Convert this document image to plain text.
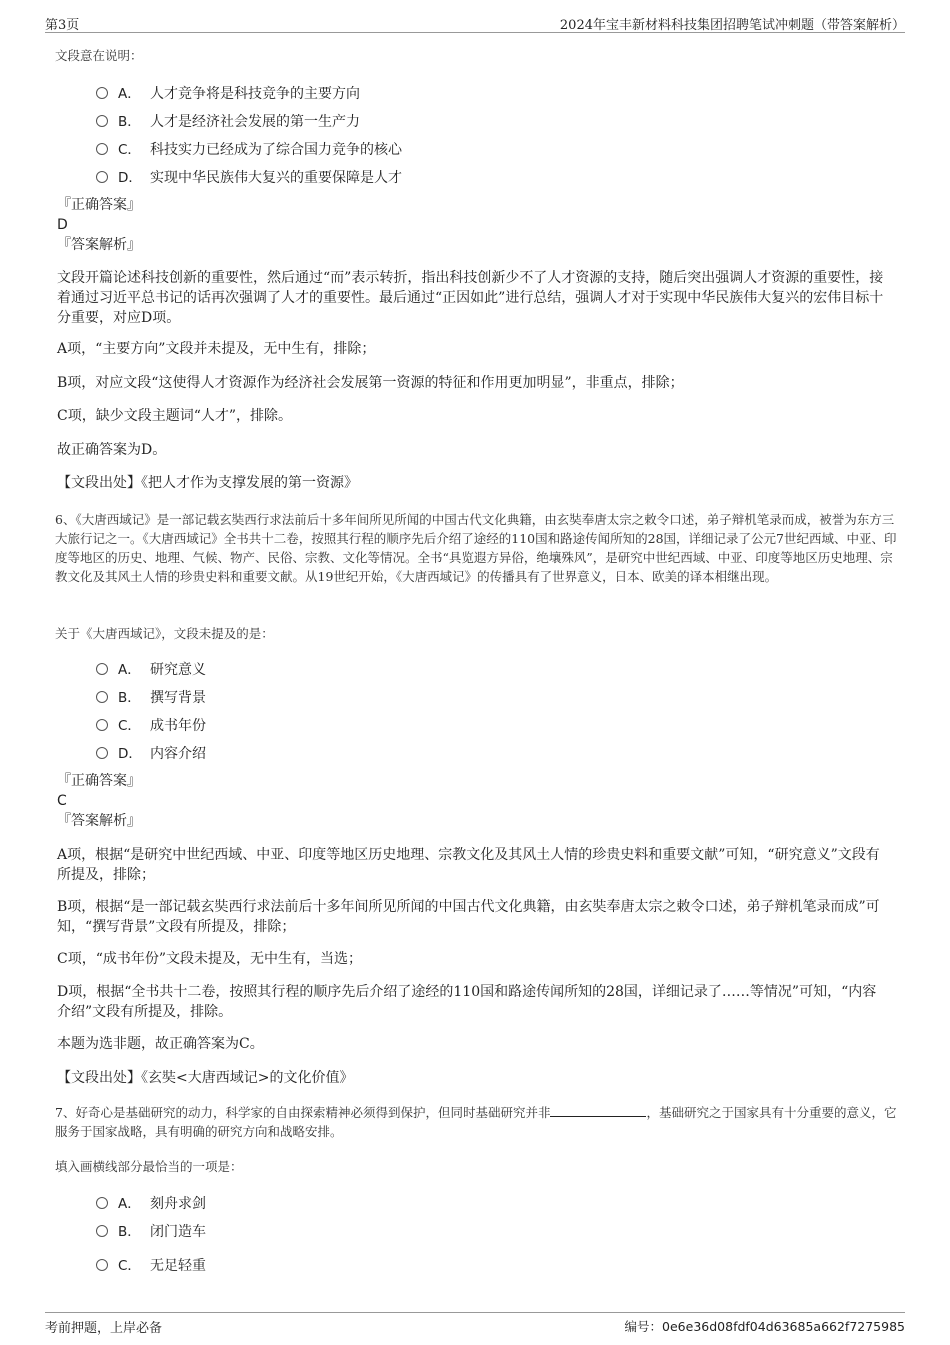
第3页	2024年宝丰新材料科技集团招聘笔试冲刺题（带答案解析）
文段意在说明：
A． 人才竞争将是科技竞争的主要方向
B． 人才是经济社会发展的第一生产力
C． 科技实力已经成为了综合国力竞争的核心
D． 实现中华民族伟大复兴的重要保障是人才
『正确答案』
D
『答案解析』
文段开篇论述科技创新的重要性，然后通过“而”表示转折，指出科技创新少不了人才资源的支持，随后突出强调人才资源的重要性，接着通过习近平总书记的话再次强调了人才的重要性。最后通过“正因如此”进行总结，强调人才对于实现中华民族伟大复兴的宏伟目标十分重要，对应D项。
A项，“主要方向”文段并未提及，无中生有，排除；
B项，对应文段“这使得人才资源作为经济社会发展第一资源的特征和作用更加明显”，非重点，排除；
C项，缺少文段主题词“人才”，排除。
故正确答案为D。
【文段出处】《把人才作为支撑发展的第一资源》
6、《大唐西域记》是一部记载玄奘西行求法前后十多年间所见所闻的中国古代文化典籍，由玄奘奉唐太宗之敕令口述，弟子辩机笔录而成，被誉为东方三大旅行记之一。《大唐西域记》全书共十二卷，按照其行程的顺序先后介绍了途经的110国和路途传闻所知的28国，详细记录了公元7世纪西域、中亚、印度等地区的历史、地理、气候、物产、民俗、宗教、文化等情况。全书“具览遐方异俗，绝壤殊风”，是研究中世纪西域、中亚、印度等地区历史地理、宗教文化及其风土人情的珍贵史料和重要文献。从19世纪开始，《大唐西域记》的传播具有了世界意义，日本、欧美的译本相继出现。
关于《大唐西域记》，文段未提及的是：
A． 研究意义
B． 撰写背景
C． 成书年份
D． 内容介绍
『正确答案』
C
『答案解析』
A项，根据“是研究中世纪西域、中亚、印度等地区历史地理、宗教文化及其风土人情的珍贵史料和重要文献”可知，“研究意义”文段有所提及，排除；
B项，根据“是一部记载玄奘西行求法前后十多年间所见所闻的中国古代文化典籍，由玄奘奉唐太宗之敕令口述，弟子辩机笔录而成”可知，“撰写背景”文段有所提及，排除；
C项，“成书年份”文段未提及，无中生有，当选；
D项，根据“全书共十二卷，按照其行程的顺序先后介绍了途经的110国和路途传闻所知的28国，详细记录了……等情况”可知，“内容介绍”文段有所提及，排除。
本题为选非题，故正确答案为C。
【文段出处】《玄奘<大唐西域记>的文化价值》
7、好奇心是基础研究的动力，科学家的自由探索精神必须得到保护，但同时基础研究并非	，基础研究之于国家具有十分重要的意义，它服务于国家战略，具有明确的研究方向和战略安排。
填入画横线部分最恰当的一项是：
A． 刻舟求剑
B． 闭门造车
C． 无足轻重
考前押题，上岸必备	编号：0e6e36d08fdf04d63685a662f7275985
